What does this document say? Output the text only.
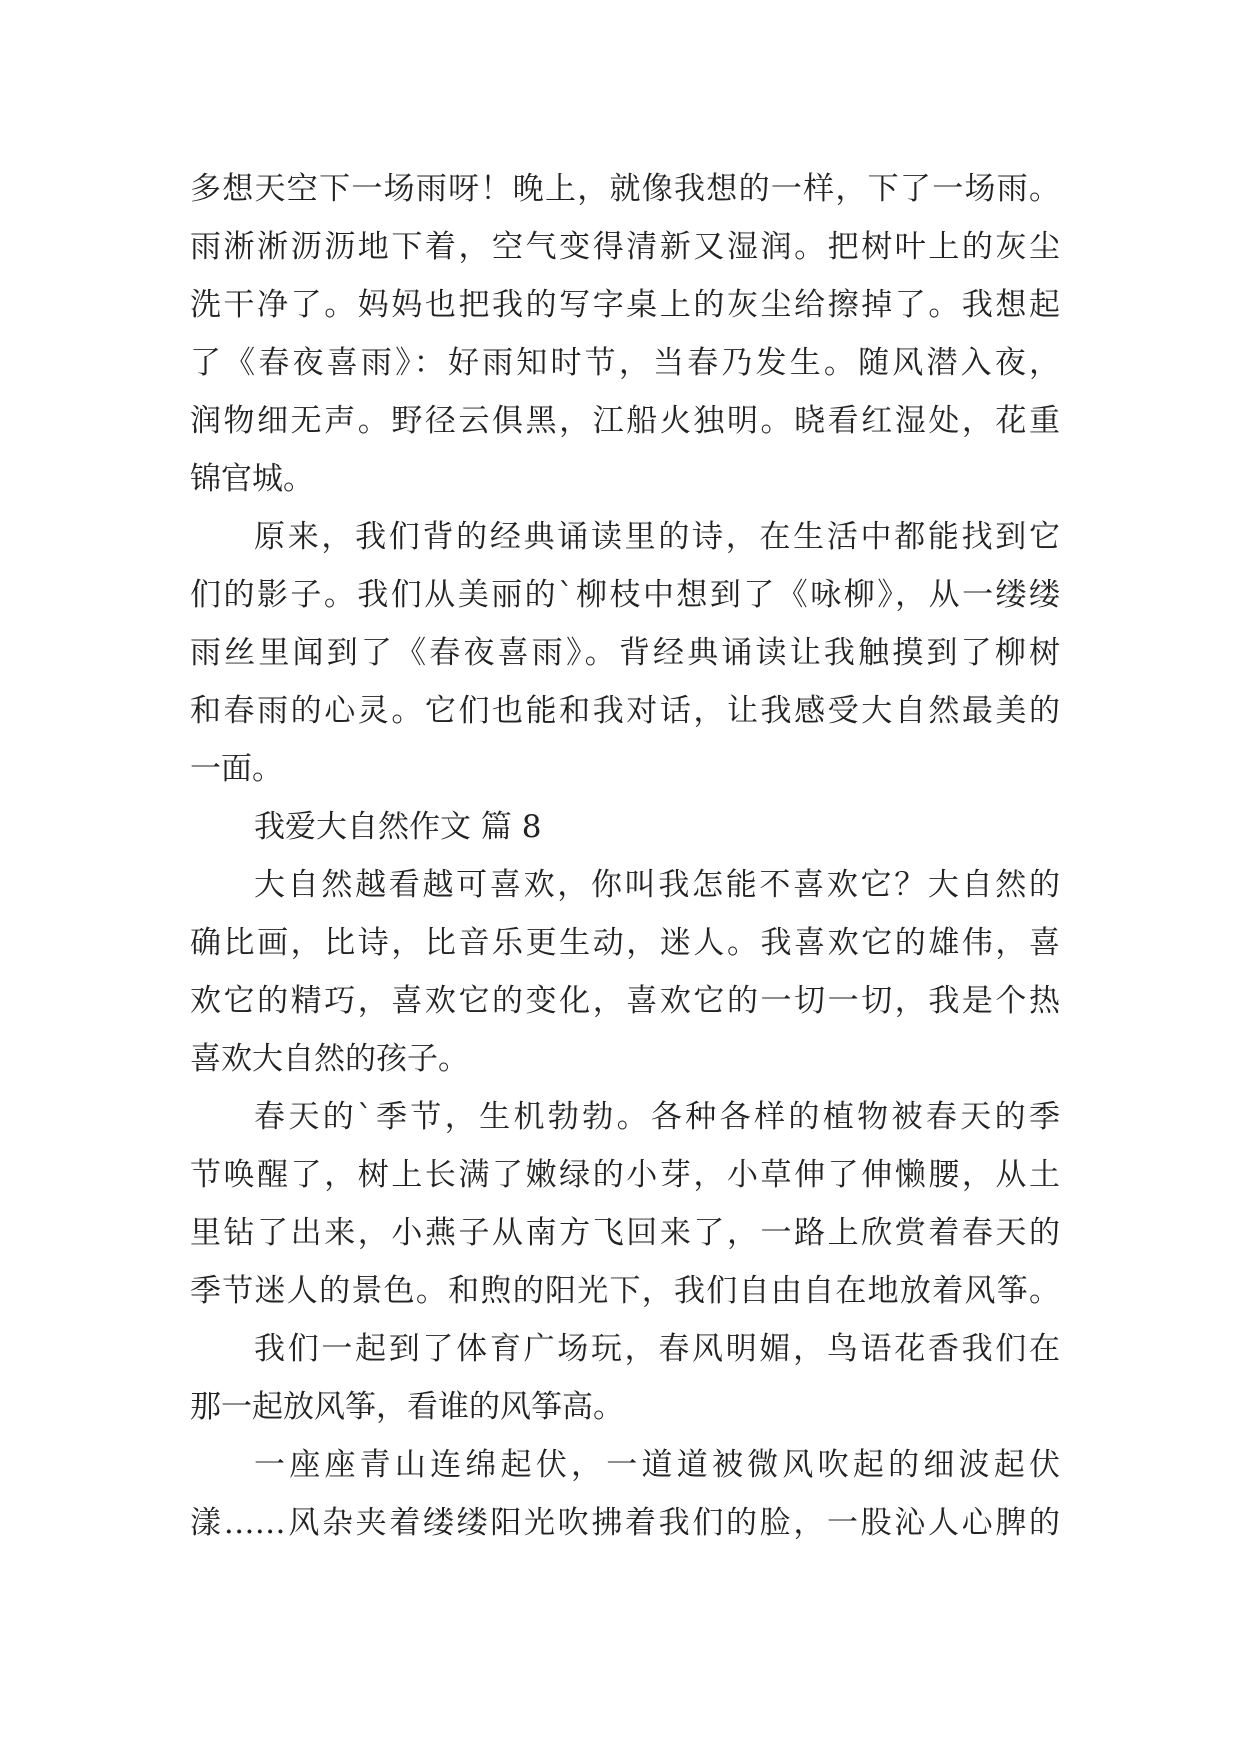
多想天空下一场雨呀！晚上，就像我想的一样，下了一场雨。
雨淅淅沥沥地下着，空气变得清新又湿润。把树叶上的灰尘
洗干净了。妈妈也把我的写字桌上的灰尘给擦掉了。我想起
了《春夜喜雨》：好雨知时节，当春乃发生。随风潜入夜，
润物细无声。野径云俱黑，江船火独明。晓看红湿处，花重
锦官城。
原来，我们背的经典诵读里的诗，在生活中都能找到它
们的影子。我们从美丽的`柳枝中想到了《咏柳》，从一缕缕
雨丝里闻到了《春夜喜雨》。背经典诵读让我触摸到了柳树
和春雨的心灵。它们也能和我对话，让我感受大自然最美的
一面。
我爱大自然作文 篇 8
大自然越看越可喜欢，你叫我怎能不喜欢它？大自然的
确比画，比诗，比音乐更生动，迷人。我喜欢它的雄伟，喜
欢它的精巧，喜欢它的变化，喜欢它的一切一切，我是个热
喜欢大自然的孩子。
春天的`季节，生机勃勃。各种各样的植物被春天的季
节唤醒了，树上长满了嫩绿的小芽，小草伸了伸懒腰，从土
里钻了出来，小燕子从南方飞回来了，一路上欣赏着春天的
季节迷人的景色。和煦的阳光下，我们自由自在地放着风筝。
我们一起到了体育广场玩，春风明媚，鸟语花香我们在
那一起放风筝，看谁的风筝高。
一座座青山连绵起伏，一道道被微风吹起的细波起伏
漾……风杂夹着缕缕阳光吹拂着我们的脸，一股沁人心脾的
